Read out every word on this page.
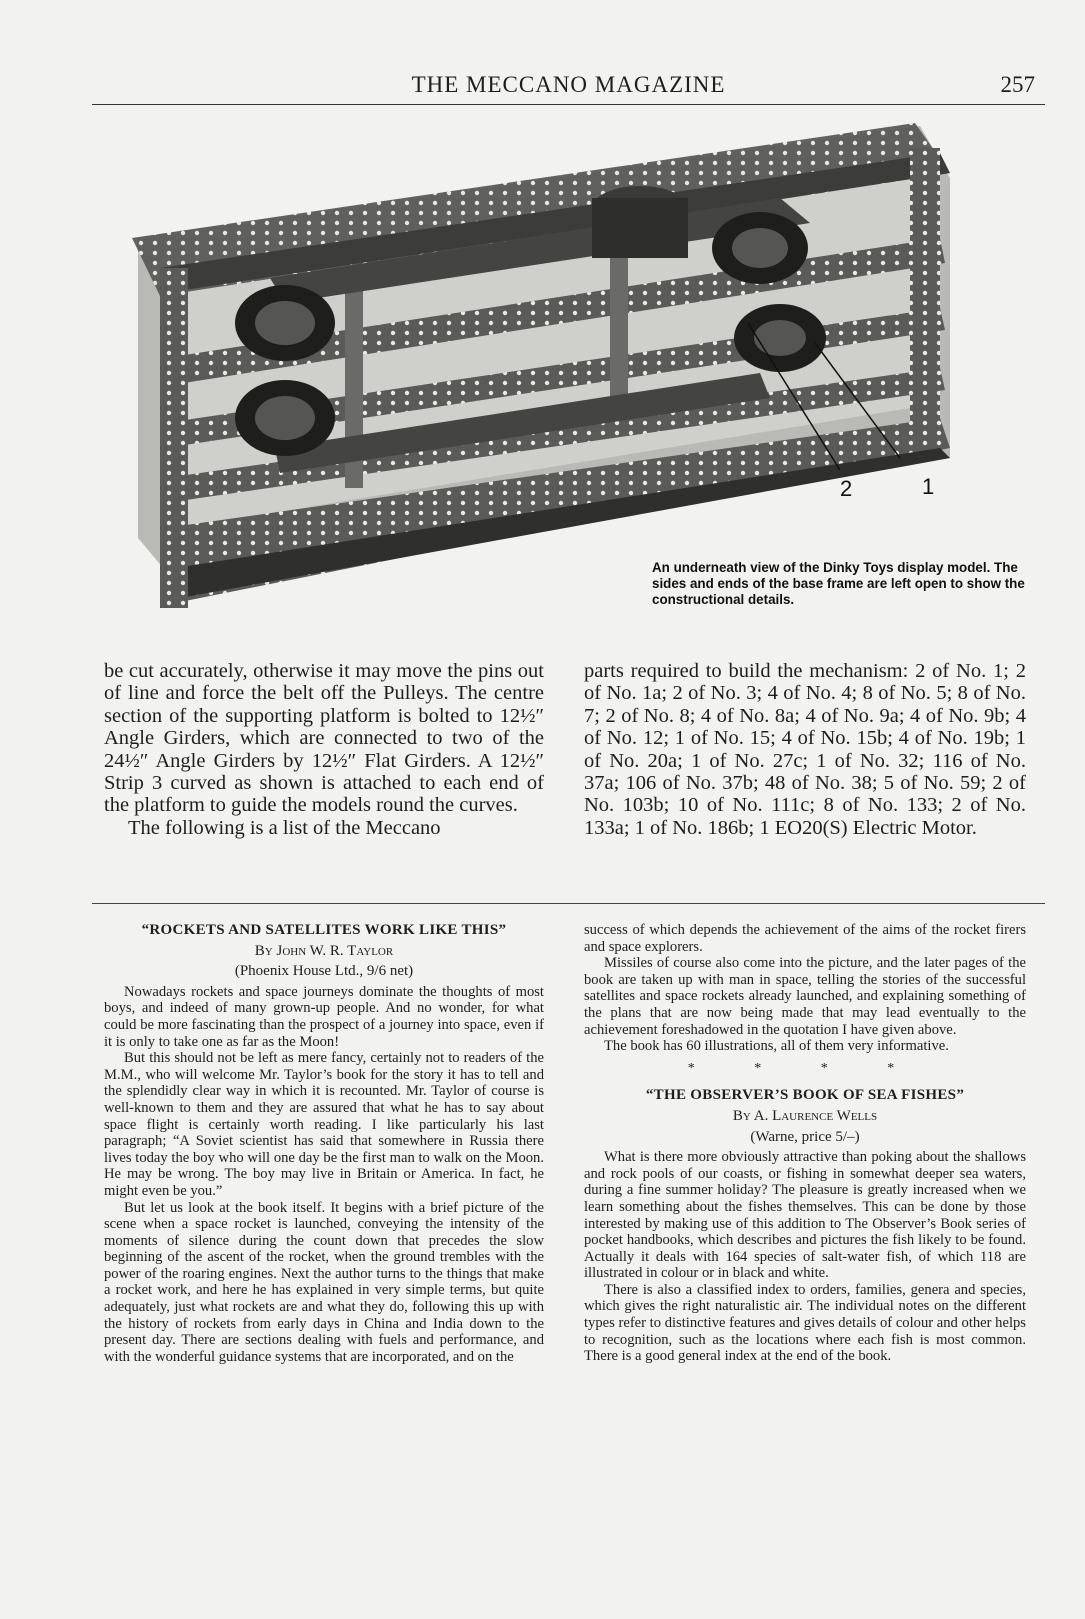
THE MECCANO MAGAZINE	257
2	1
An underneath view of the Dinky Toys display model. The sides and ends of the base frame are left open to show the constructional details.

be cut accurately, otherwise it may move the pins out of line and force the belt off the Pulleys. The centre section of the supporting platform is bolted to 12½″ Angle Girders, which are connected to two of the 24½″ Angle Girders by 12½″ Flat Girders. A 12½″ Strip 3 curved as shown is attached to each end of the platform to guide the models round the curves.

The following is a list of the Meccano

parts required to build the mechanism: 2 of No. 1; 2 of No. 1a; 2 of No. 3; 4 of No. 4; 8 of No. 5; 8 of No. 7; 2 of No. 8; 4 of No. 8a; 4 of No. 9a; 4 of No. 9b; 4 of No. 12; 1 of No. 15; 4 of No. 15b; 4 of No. 19b; 1 of No. 20a; 1 of No. 27c; 1 of No. 32; 116 of No. 37a; 106 of No. 37b; 48 of No. 38; 5 of No. 59; 2 of No. 103b; 10 of No. 111c; 8 of No. 133; 2 of No. 133a; 1 of No. 186b; 1 EO20(S) Electric Motor.

“ROCKETS AND SATELLITES WORK LIKE THIS”
By John W. R. Taylor
(Phoenix House Ltd., 9/6 net)

Nowadays rockets and space journeys dominate the thoughts of most boys, and indeed of many grown-up people. And no wonder, for what could be more fascinating than the prospect of a journey into space, even if it is only to take one as far as the Moon!

But this should not be left as mere fancy, certainly not to readers of the M.M., who will welcome Mr. Taylor’s book for the story it has to tell and the splendidly clear way in which it is recounted. Mr. Taylor of course is well-known to them and they are assured that what he has to say about space flight is certainly worth reading. I like particularly his last paragraph; “A Soviet scientist has said that somewhere in Russia there lives today the boy who will one day be the first man to walk on the Moon. He may be wrong. The boy may live in Britain or America. In fact, he might even be you.”

But let us look at the book itself. It begins with a brief picture of the scene when a space rocket is launched, conveying the intensity of the moments of silence during the count down that precedes the slow beginning of the ascent of the rocket, when the ground trembles with the power of the roaring engines. Next the author turns to the things that make a rocket work, and here he has explained in very simple terms, but quite adequately, just what rockets are and what they do, following this up with the history of rockets from early days in China and India down to the present day. There are sections dealing with fuels and performance, and with the wonderful guidance systems that are incorporated, and on the

success of which depends the achievement of the aims of the rocket firers and space explorers.

Missiles of course also come into the picture, and the later pages of the book are taken up with man in space, telling the stories of the successful satellites and space rockets already launched, and explaining something of the plans that are now being made that may lead eventually to the achievement foreshadowed in the quotation I have given above.

The book has 60 illustrations, all of them very informative.

* * * *
“THE OBSERVER’S BOOK OF SEA FISHES”
By A. Laurence Wells
(Warne, price 5/–)

What is there more obviously attractive than poking about the shallows and rock pools of our coasts, or fishing in somewhat deeper sea waters, during a fine summer holiday? The pleasure is greatly increased when we learn something about the fishes themselves. This can be done by those interested by making use of this addition to The Observer’s Book series of pocket handbooks, which describes and pictures the fish likely to be found. Actually it deals with 164 species of salt-water fish, of which 118 are illustrated in colour or in black and white.

There is also a classified index to orders, families, genera and species, which gives the right naturalistic air. The individual notes on the different types refer to distinctive features and gives details of colour and other helps to recognition, such as the locations where each fish is most common. There is a good general index at the end of the book.
